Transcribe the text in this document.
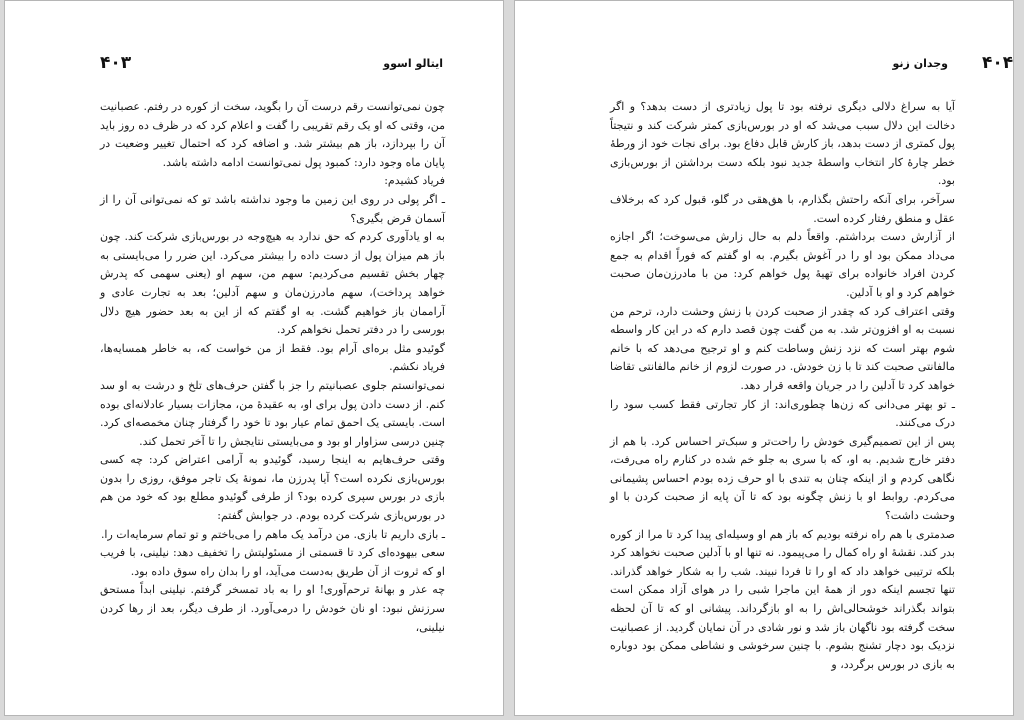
۴۰۳	ایتالو اسوو

چون نمی‌توانست رقم درست آن را بگوید، سخت از کوره در رفتم. عصبانیت من، وقتی که او یک رقم تقریبی را گفت و اعلام کرد که در ظرف ده روز باید آن را بپردازد، باز هم بیشتر شد. و اضافه کرد که احتمال تغییر وضعیت در پایان ماه وجود دارد: کمبود پول نمی‌توانست ادامه داشته باشد.

فریاد کشیدم:

ـ اگر پولی در روی این زمین ما وجود نداشته باشد تو که نمی‌توانی آن را از آسمان قرض بگیری؟

به او یادآوری کردم که حق ندارد به هیچ‌وجه در بورس‌بازی شرکت کند. چون باز هم میزان پول از دست داده را بیشتر می‌کرد. این ضرر را می‌بایستی به چهار بخش تقسیم می‌کردیم: سهم من، سهم او (یعنی سهمی که پدرش خواهد پرداخت)، سهم مادرزن‌مان و سهم آدلین؛ بعد به تجارت عادی و آراممان باز خواهیم گشت. به او گفتم که از این به بعد حضور هیچ دلال بورسی را در دفتر تحمل نخواهم کرد.

گوئیدو مثل بره‌ای آرام بود. فقط از من خواست که، به خاطر همسایه‌ها، فریاد نکشم.

نمی‌توانستم جلوی عصبانیتم را جز با گفتن حرف‌های تلخ و درشت به او سد کنم. از دست دادن پول برای او، به عقیدهٔ من، مجازات بسیار عادلانه‌ای بوده است. بایستی یک احمق تمام عیار بود تا خود را گرفتار چنان مخمصه‌ای کرد. چنین درسی سزاوار او بود و می‌بایستی نتایجش را تا آخر تحمل کند.

وقتی حرف‌هایم به اینجا رسید، گوئیدو به آرامی اعتراض کرد: چه کسی بورس‌بازی نکرده است؟ آیا پدرزن ما، نمونهٔ یک تاجر موفق، روزی را بدون بازی در بورس سپری کرده بود؟ از طرفی گوئیدو مطلع بود که خود من هم در بورس‌بازی شرکت کرده بودم. در جوابش گفتم:

ـ بازی داریم تا بازی. من درآمد یک ماهم را می‌باختم و تو تمام سرمایه‌ات را.

سعی بیهوده‌ای کرد تا قسمتی از مسئولیتش را تخفیف دهد: نیلینی، با فریب او که ثروت از آن طریق به‌دست می‌آید، او را بدان راه سوق داده بود.

چه عذر و بهانهٔ ترحم‌آوری! او را به باد تمسخر گرفتم. نیلینی ابداً مستحق سرزنش نبود: او نان خودش را درمی‌آورد. از طرف دیگر، بعد از رها کردن نیلینی،

۴۰۴
وجدان زنو

آیا به سراغ دلالی دیگری نرفته بود تا پول زیادتری از دست بدهد؟ و اگر دخالت این دلال سبب می‌شد که او در بورس‌بازی کمتر شرکت کند و نتیجتاً پول کمتری از دست بدهد، باز کارش قابل دفاع بود. برای نجات خود از ورطهٔ خطر چارهٔ کار انتخاب واسطهٔ جدید نبود بلکه دست برداشتن از بورس‌بازی بود.

سرآخر، برای آنکه راحتش بگذارم، با هق‌هقی در گلو، قبول کرد که برخلاف عقل و منطق رفتار کرده است.

از آزارش دست برداشتم. واقعاً دلم به حال زارش می‌سوخت؛ اگر اجازه می‌داد ممکن بود او را در آغوش بگیرم. به او گفتم که فوراً اقدام به جمع کردن افراد خانواده برای تهیهٔ پول خواهم کرد: من با مادرزن‌مان صحبت خواهم کرد و او با آدلین.

وقتی اعتراف کرد که چقدر از صحبت کردن با زنش وحشت دارد، ترحم من نسبت به او افزون‌تر شد. به من گفت چون قصد دارم که در این کار واسطه شوم بهتر است که نزد زنش وساطت کنم و او ترجیح می‌دهد که با خانم مالفانتی صحبت کند تا با زن خودش. در صورت لزوم از خانم مالفانتی تقاضا خواهد کرد تا آدلین را در جریان واقعه قرار دهد.

ـ تو بهتر می‌دانی که زن‌ها چطوری‌اند: از کار تجارتی فقط کسب سود را درک می‌کنند.

پس از این تصمیم‌گیری خودش را راحت‌تر و سبک‌تر احساس کرد. با هم از دفتر خارج شدیم. به او، که با سری به جلو خم شده در کنارم راه می‌رفت، نگاهی کردم و از اینکه چنان به تندی با او حرف زده بودم احساس پشیمانی می‌کردم. روابط او با زنش چگونه بود که تا آن پایه از صحبت کردن با او وحشت داشت؟

صدمتری با هم راه نرفته بودیم که باز هم او وسیله‌ای پیدا کرد تا مرا از کوره بدر کند. نقشهٔ او راه کمال را می‌پیمود. نه تنها او با آدلین صحبت نخواهد کرد بلکه ترتیبی خواهد داد که او را تا فردا نبیند. شب را به شکار خواهد گذراند. تنها تجسم اینکه دور از همهٔ این ماجرا شبی را در هوای آزاد ممکن است بتواند بگذراند خوشحالی‌اش را به او بازگرداند. پیشانی او که تا آن لحظه سخت گرفته بود ناگهان باز شد و نور شادی در آن نمایان گردید. از عصبانیت نزدیک بود دچار تشنج بشوم. با چنین سرخوشی و نشاطی ممکن بود دوباره به بازی در بورس برگردد، و
